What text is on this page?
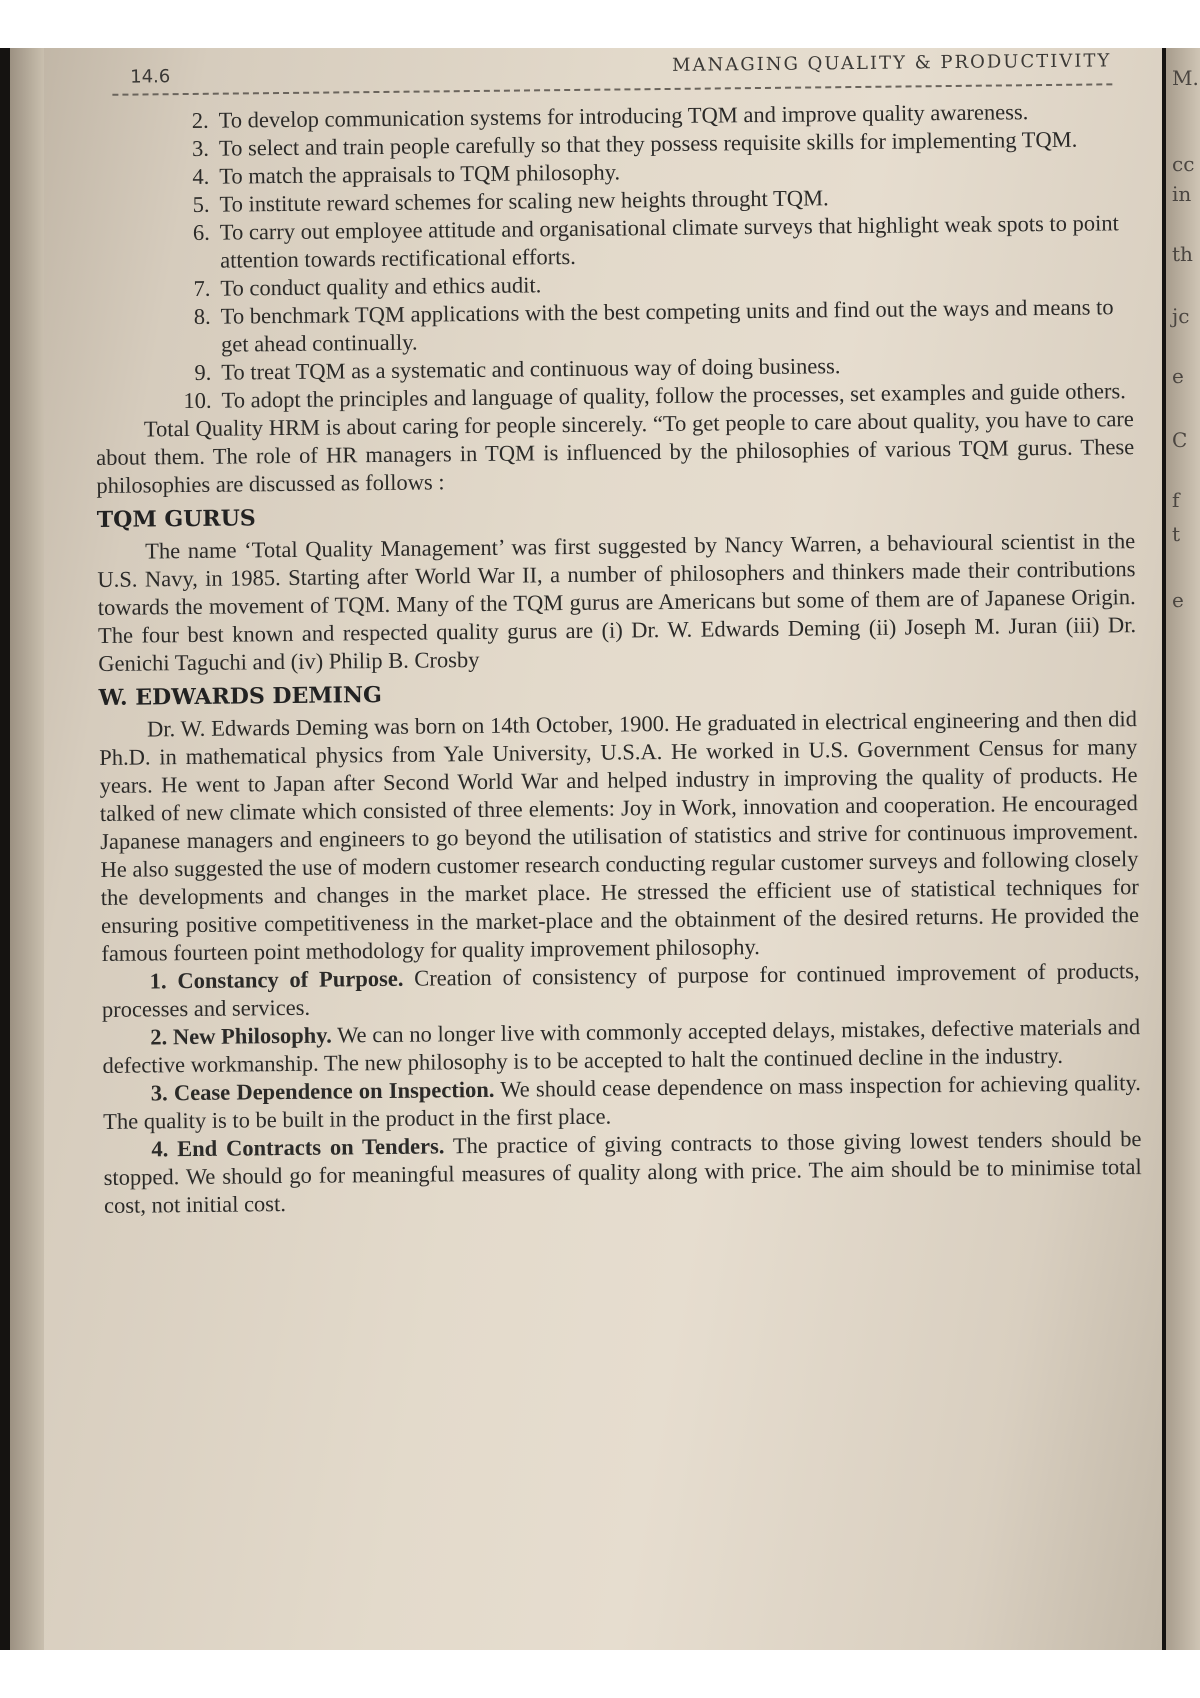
14.6
MANAGING QUALITY & PRODUCTIVITY
2. To develop communication systems for introducing TQM and improve quality awareness.
3. To select and train people carefully so that they possess requisite skills for implementing TQM.
4. To match the appraisals to TQM philosophy.
5. To institute reward schemes for scaling new heights throught TQM.
6. To carry out employee attitude and organisational climate surveys that highlight weak spots to point attention towards rectificational efforts.
7. To conduct quality and ethics audit.
8. To benchmark TQM applications with the best competing units and find out the ways and means to get ahead continually.
9. To treat TQM as a systematic and continuous way of doing business.
10. To adopt the principles and language of quality, follow the processes, set examples and guide others.

Total Quality HRM is about caring for people sincerely. “To get people to care about quality, you have to care about them. The role of HR managers in TQM is influenced by the philosophies of various TQM gurus. These philosophies are discussed as follows :

TQM GURUS

The name ‘Total Quality Management’ was first suggested by Nancy Warren, a behavioural scientist in the U.S. Navy, in 1985. Starting after World War II, a number of philosophers and thinkers made their contributions towards the movement of TQM. Many of the TQM gurus are Americans but some of them are of Japanese Origin. The four best known and respected quality gurus are (i) Dr. W. Edwards Deming (ii) Joseph M. Juran (iii) Dr. Genichi Taguchi and (iv) Philip B. Crosby

W. EDWARDS DEMING

Dr. W. Edwards Deming was born on 14th October, 1900. He graduated in electrical engineering and then did Ph.D. in mathematical physics from Yale University, U.S.A. He worked in U.S. Government Census for many years. He went to Japan after Second World War and helped industry in improving the quality of products. He talked of new climate which consisted of three elements: Joy in Work, innovation and cooperation. He encouraged Japanese managers and engineers to go beyond the utilisation of statistics and strive for continuous improvement. He also suggested the use of modern customer research conducting regular customer surveys and following closely the developments and changes in the market place. He stressed the efficient use of statistical techniques for ensuring positive competitiveness in the market-place and the obtainment of the desired returns. He provided the famous fourteen point methodology for quality improvement philosophy.

1. Constancy of Purpose. Creation of consistency of purpose for continued improvement of products, processes and services.

2. New Philosophy. We can no longer live with commonly accepted delays, mistakes, defective materials and defective workmanship. The new philosophy is to be accepted to halt the continued decline in the industry.

3. Cease Dependence on Inspection. We should cease dependence on mass inspection for achieving quality. The quality is to be built in the product in the first place.

4. End Contracts on Tenders. The practice of giving contracts to those giving lowest tenders should be stopped. We should go for meaningful measures of quality along with price. The aim should be to minimise total cost, not initial cost.

M.
cc
in
th
jc
e
C
f
t
e
